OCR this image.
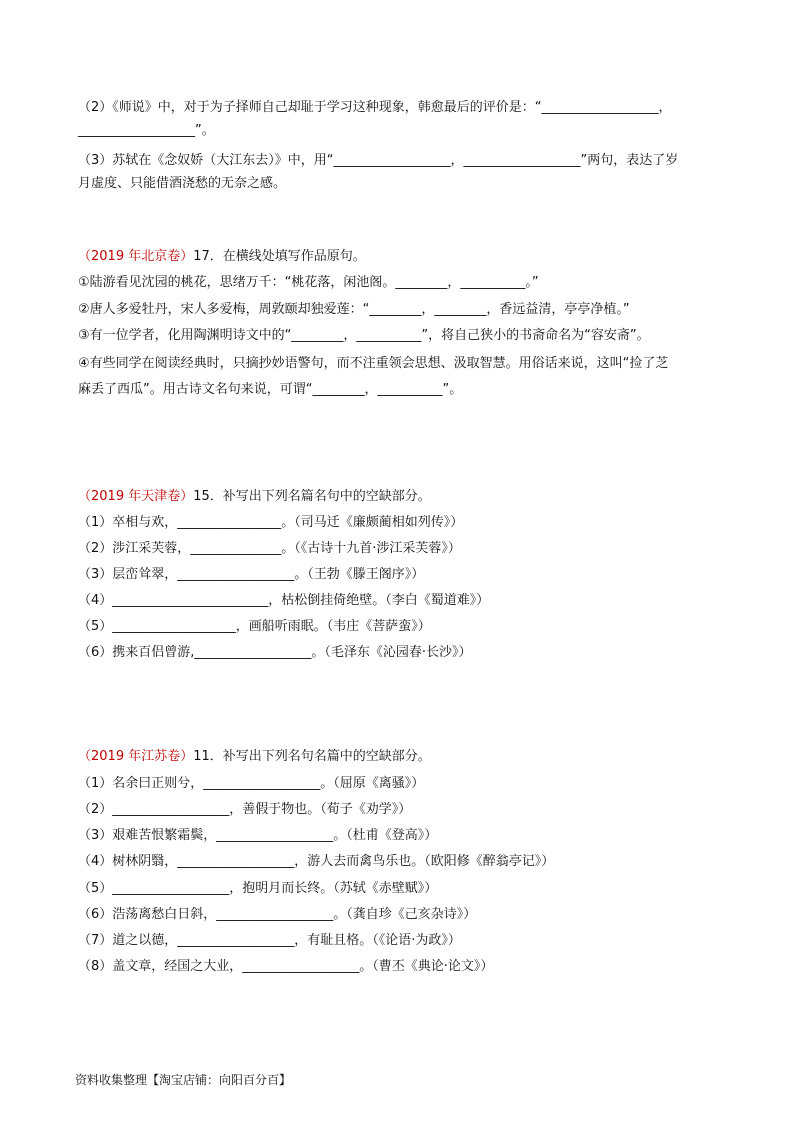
（2）《师说》中，对于为子择师自己却耻于学习这种现象，韩愈最后的评价是：“__________________，

__________________”。

（3）苏轼在《念奴娇（大江东去）》中，用“__________________，__________________”两句，表达了岁

月虚度、只能借酒浇愁的无奈之感。

（2019 年北京卷）17．在横线处填写作品原句。

①陆游看见沈园的桃花，思绪万千：“桃花落，闲池阁。________，__________。”

②唐人多爱牡丹，宋人多爱梅，周敦颐却独爱莲：“________，________，香远益清，亭亭净植。”

③有一位学者，化用陶渊明诗文中的“________，__________”，将自己狭小的书斋命名为“容安斋”。

④有些同学在阅读经典时，只摘抄妙语警句，而不注重领会思想、汲取智慧。用俗话来说，这叫“捡了芝

麻丢了西瓜”。用古诗文名句来说，可谓“________，__________”。

（2019 年天津卷）15．补写出下列名篇名句中的空缺部分。

（1）卒相与欢，________________。（司马迁《廉颇蔺相如列传》）

（2）涉江采芙蓉，______________。（《古诗十九首·涉江采芙蓉》）

（3）层峦耸翠，__________________。（王勃《滕王阁序》）

（4）________________________，枯松倒挂倚绝壁。（李白《蜀道难》）

（5）___________________，画船听雨眠。（韦庄《菩萨蛮》）

（6）携来百侣曾游,__________________。（毛泽东《沁园春·长沙》）

（2019 年江苏卷）11．补写出下列名句名篇中的空缺部分。

（1）名余曰正则兮，__________________。（屈原《离骚》）

（2）__________________，善假于物也。（荀子《劝学》）

（3）艰难苦恨繁霜鬓，__________________。（杜甫《登高》）

（4）树林阴翳，__________________，游人去而禽鸟乐也。（欧阳修《醉翁亭记》）

（5）__________________，抱明月而长终。（苏轼《赤壁赋》）

（6）浩荡离愁白日斜，__________________。（龚自珍《己亥杂诗》）

（7）道之以德，__________________，有耻且格。（《论语·为政》）

（8）盖文章，经国之大业，__________________。（曹丕《典论·论文》）

资料收集整理【淘宝店铺：向阳百分百】
